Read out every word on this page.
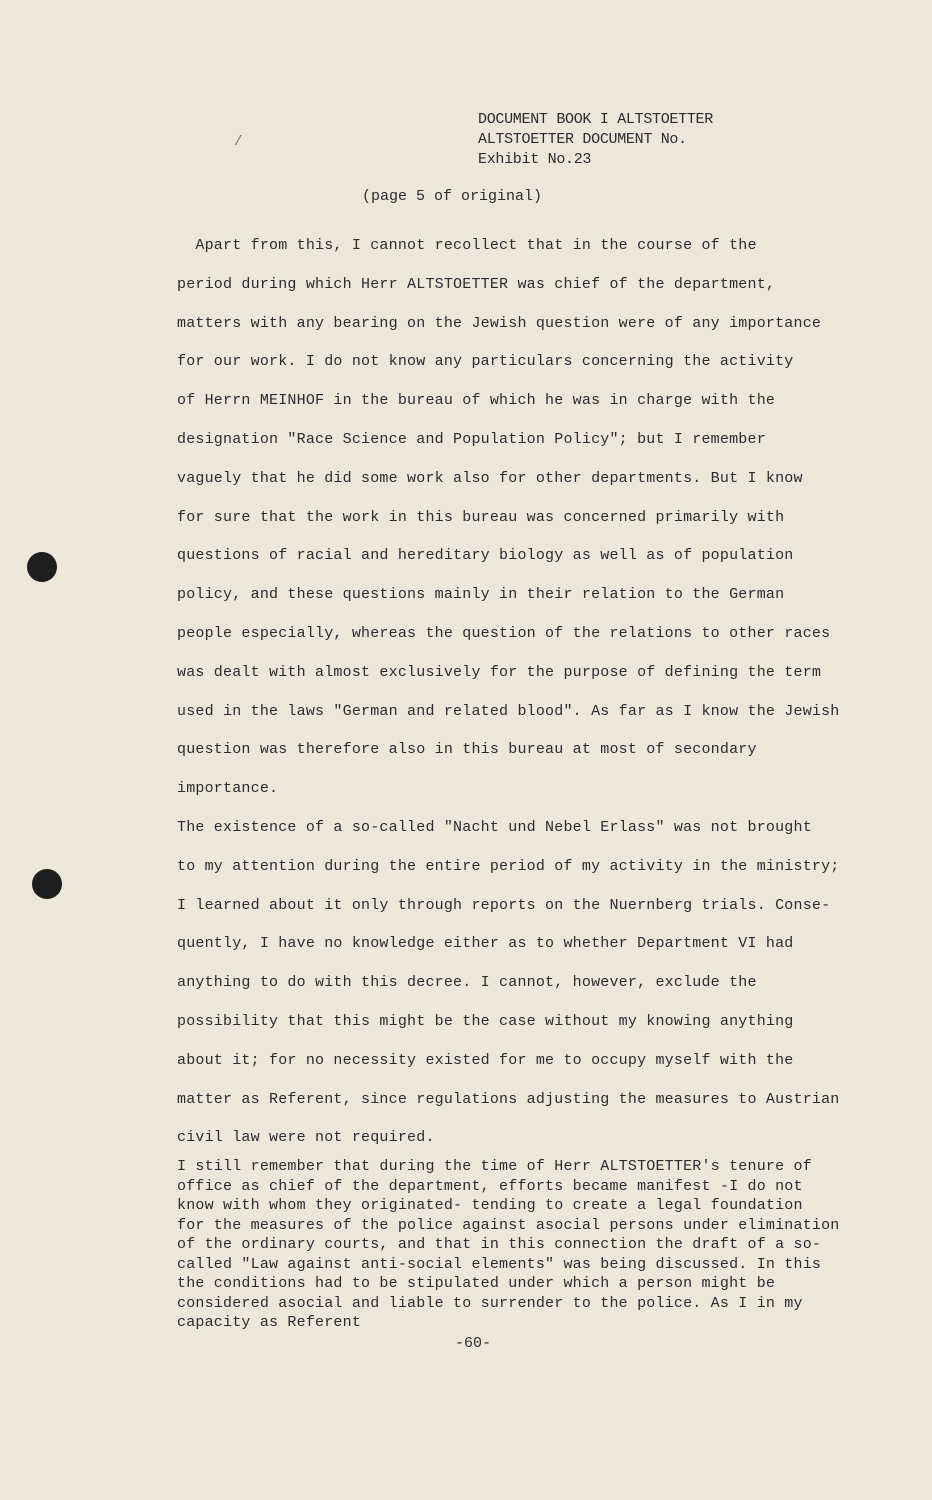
/
DOCUMENT BOOK I ALTSTOETTER
ALTSTOETTER DOCUMENT No.
Exhibit No.23
(page 5 of original)
Apart from this, I cannot recollect that in the course of the
period during which Herr ALTSTOETTER was chief of the department,
matters with any bearing on the Jewish question were of any importance
for our work. I do not know any particulars concerning the activity
of Herrn MEINHOF in the bureau of which he was in charge with the
designation "Race Science and Population Policy"; but I remember
vaguely that he did some work also for other departments. But I know
for sure that the work in this bureau was concerned primarily with
questions of racial and hereditary biology as well as of population
policy, and these questions mainly in their relation to the German
people especially, whereas the question of the relations to other races
was dealt with almost exclusively for the purpose of defining the term
used in the laws "German and related blood". As far as I know the Jewish
question was therefore also in this bureau at most of secondary
importance.
The existence of a so-called "Nacht und Nebel Erlass" was not brought
to my attention during the entire period of my activity in the ministry;
I learned about it only through reports on the Nuernberg trials. Conse-
quently, I have no knowledge either as to whether Department VI had
anything to do with this decree. I cannot, however, exclude the
possibility that this might be the case without my knowing anything
about it; for no necessity existed for me to occupy myself with the
matter as Referent, since regulations adjusting the measures to Austrian
civil law were not required.
I still remember that during the time of Herr ALTSTOETTER's tenure of
office as chief of the department, efforts became manifest -I do not
know with whom they originated- tending to create a legal foundation
for the measures of the police against asocial persons under elimination
of the ordinary courts, and that in this connection the draft of a so-
called "Law against anti-social elements" was being discussed. In this
the conditions had to be stipulated under which a person might be
considered asocial and liable to surrender to the police. As I in my
capacity as Referent
-60-
